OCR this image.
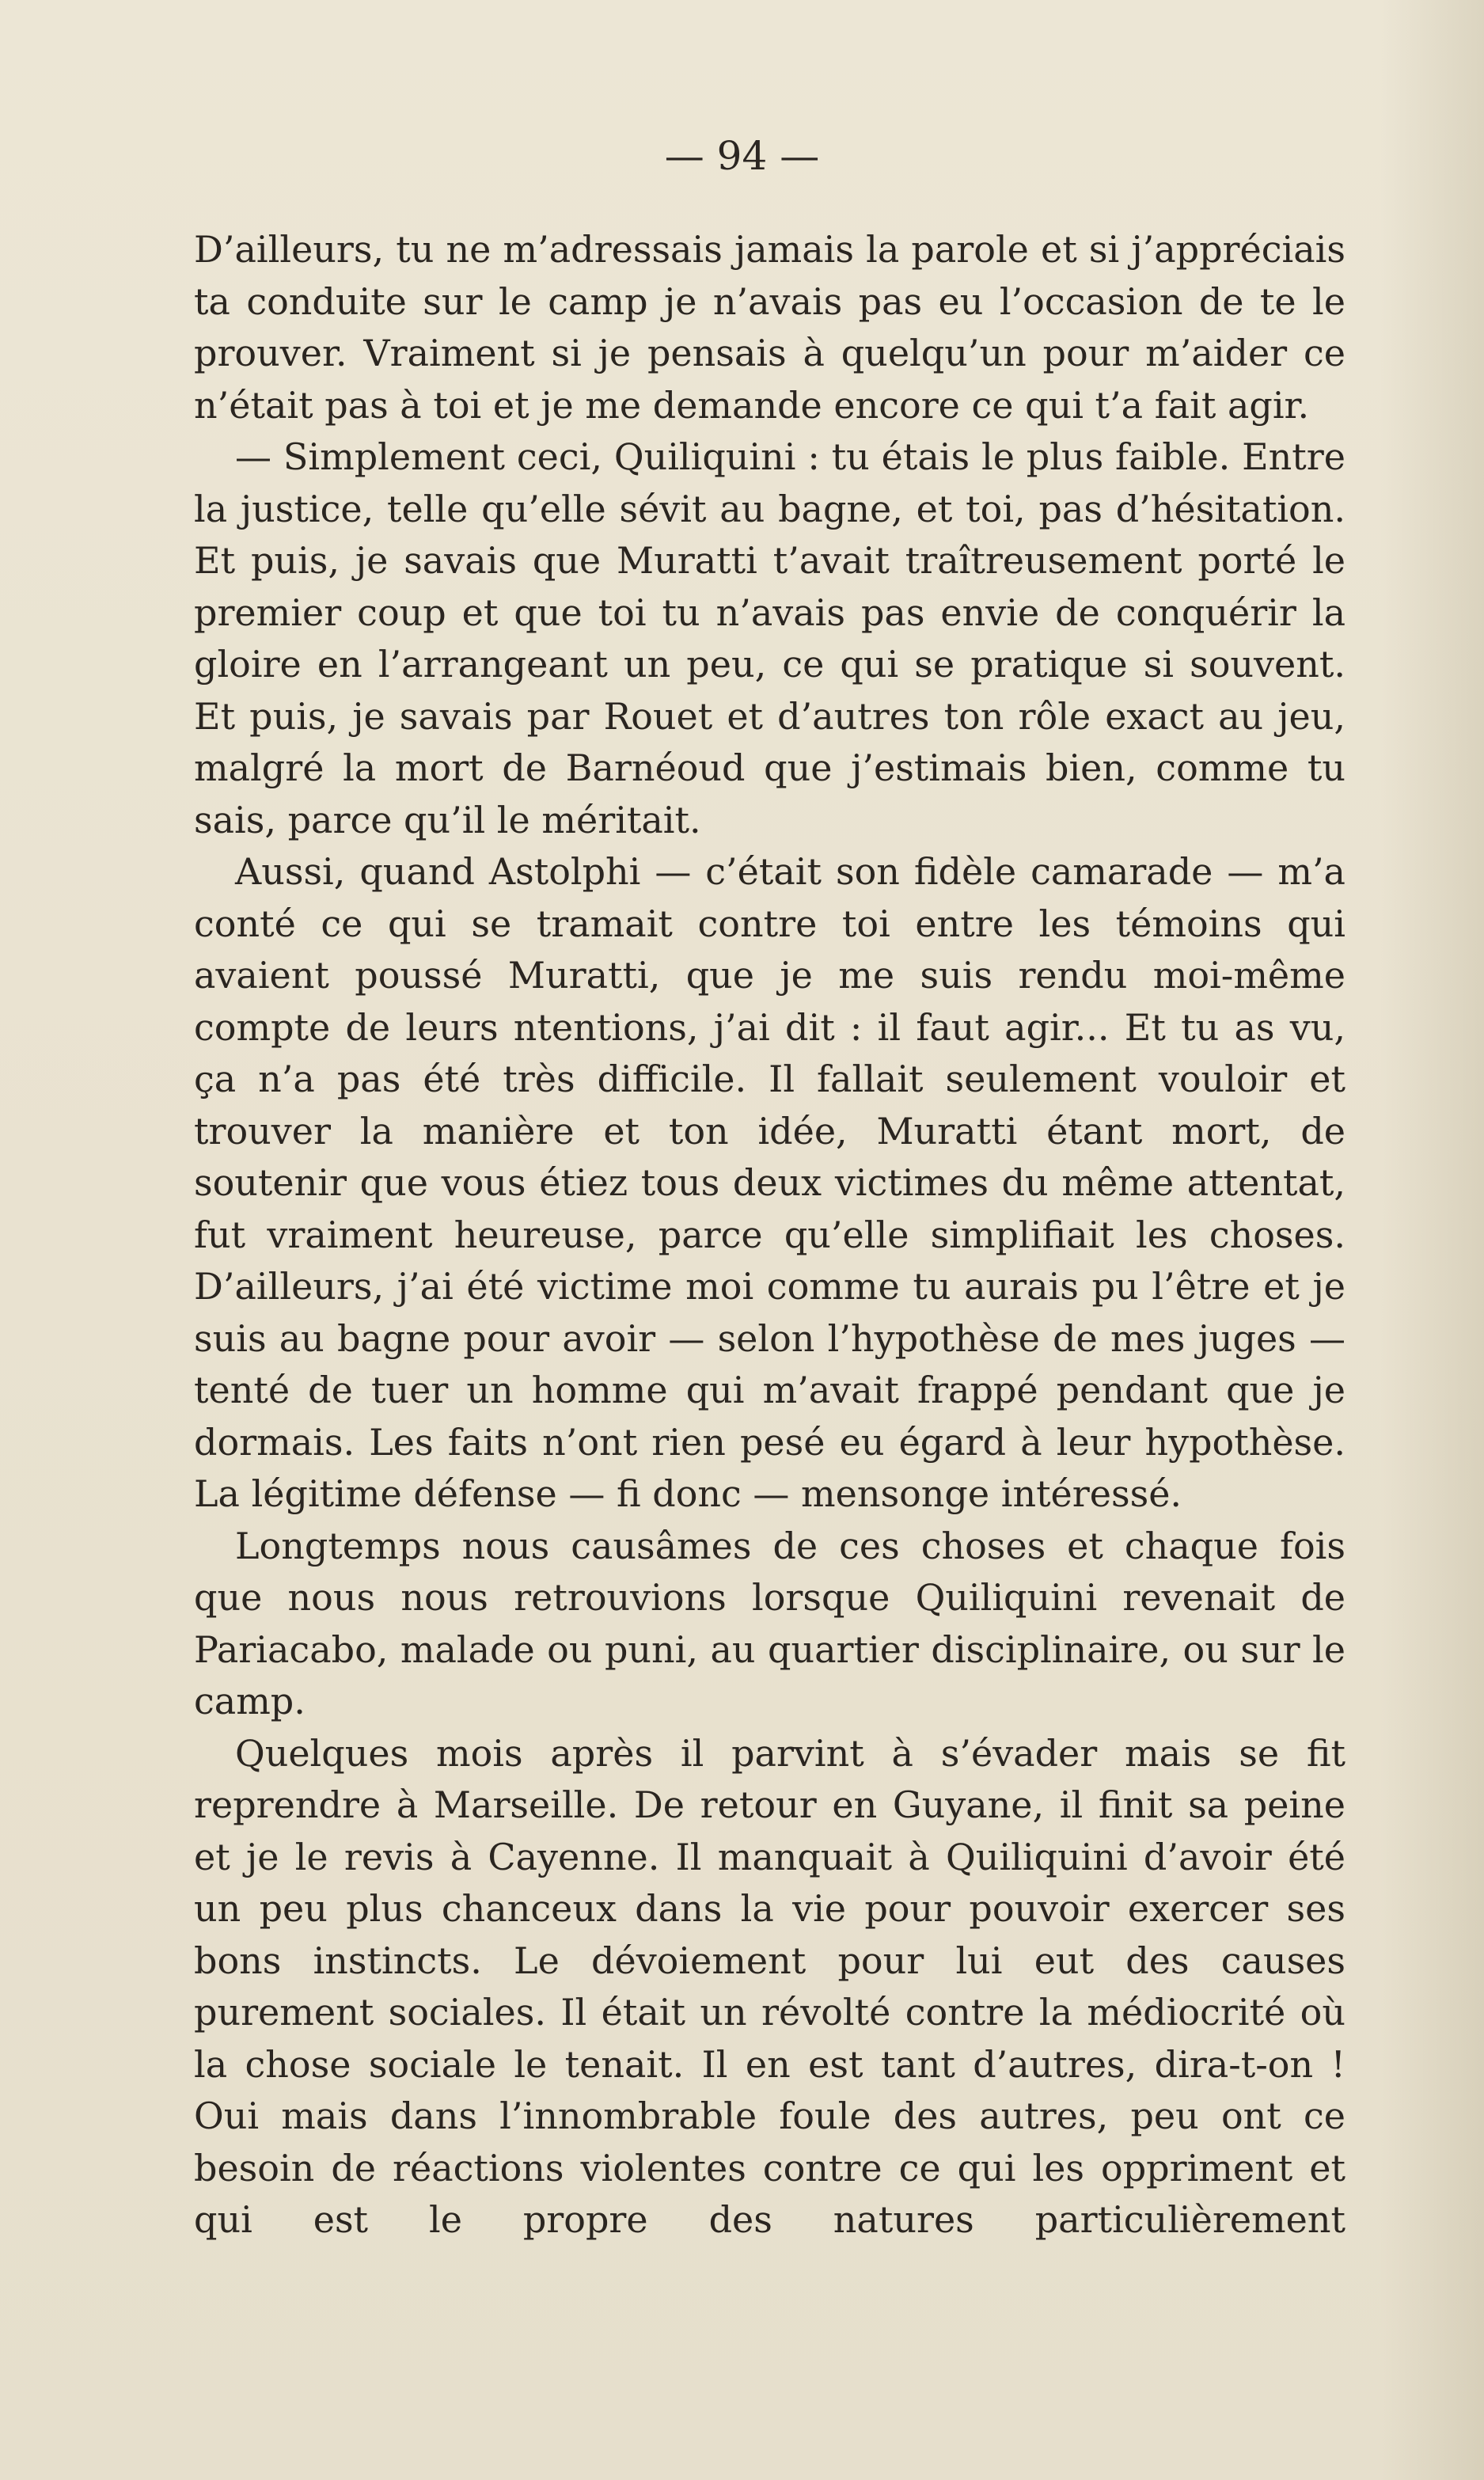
— 94 —

D’ailleurs, tu ne m’adressais jamais la parole et si j’appréciais ta conduite sur le camp je n’avais pas eu l’occasion de te le prouver. Vraiment si je pensais à quelqu’un pour m’aider ce n’était pas à toi et je me demande encore ce qui t’a fait agir.

— Simplement ceci, Quiliquini : tu étais le plus faible. Entre la justice, telle qu’elle sévit au bagne, et toi, pas d’hésitation. Et puis, je savais que Muratti t’avait traîtreusement porté le premier coup et que toi tu n’avais pas envie de conquérir la gloire en l’arrangeant un peu, ce qui se pratique si souvent. Et puis, je savais par Rouet et d’autres ton rôle exact au jeu, malgré la mort de Barnéoud que j’estimais bien, comme tu sais, parce qu’il le méritait.

Aussi, quand Astolphi — c’était son fidèle camarade — m’a conté ce qui se tramait contre toi entre les témoins qui avaient poussé Muratti, que je me suis rendu moi-même compte de leurs ntentions, j’ai dit : il faut agir... Et tu as vu, ça n’a pas été très difficile. Il fallait seulement vouloir et trouver la manière et ton idée, Muratti étant mort, de soutenir que vous étiez tous deux victimes du même attentat, fut vraiment heureuse, parce qu’elle simplifiait les choses. D’ailleurs, j’ai été victime moi comme tu aurais pu l’être et je suis au bagne pour avoir — selon l’hypothèse de mes juges — tenté de tuer un homme qui m’avait frappé pendant que je dormais. Les faits n’ont rien pesé eu égard à leur hypothèse. La légitime défense — fi donc — mensonge intéressé.

Longtemps nous causâmes de ces choses et chaque fois que nous nous retrouvions lorsque Quiliquini revenait de Pariacabo, malade ou puni, au quartier disciplinaire, ou sur le camp.

Quelques mois après il parvint à s’évader mais se fit reprendre à Marseille. De retour en Guyane, il finit sa peine et je le revis à Cayenne. Il manquait à Quiliquini d’avoir été un peu plus chanceux dans la vie pour pouvoir exercer ses bons instincts. Le dévoiement pour lui eut des causes purement sociales. Il était un révolté contre la médiocrité où la chose sociale le tenait. Il en est tant d’autres, dira-t-on ! Oui mais dans l’innombrable foule des autres, peu ont ce besoin de réactions violentes contre ce qui les oppriment et qui est le propre des natures particulièrement
